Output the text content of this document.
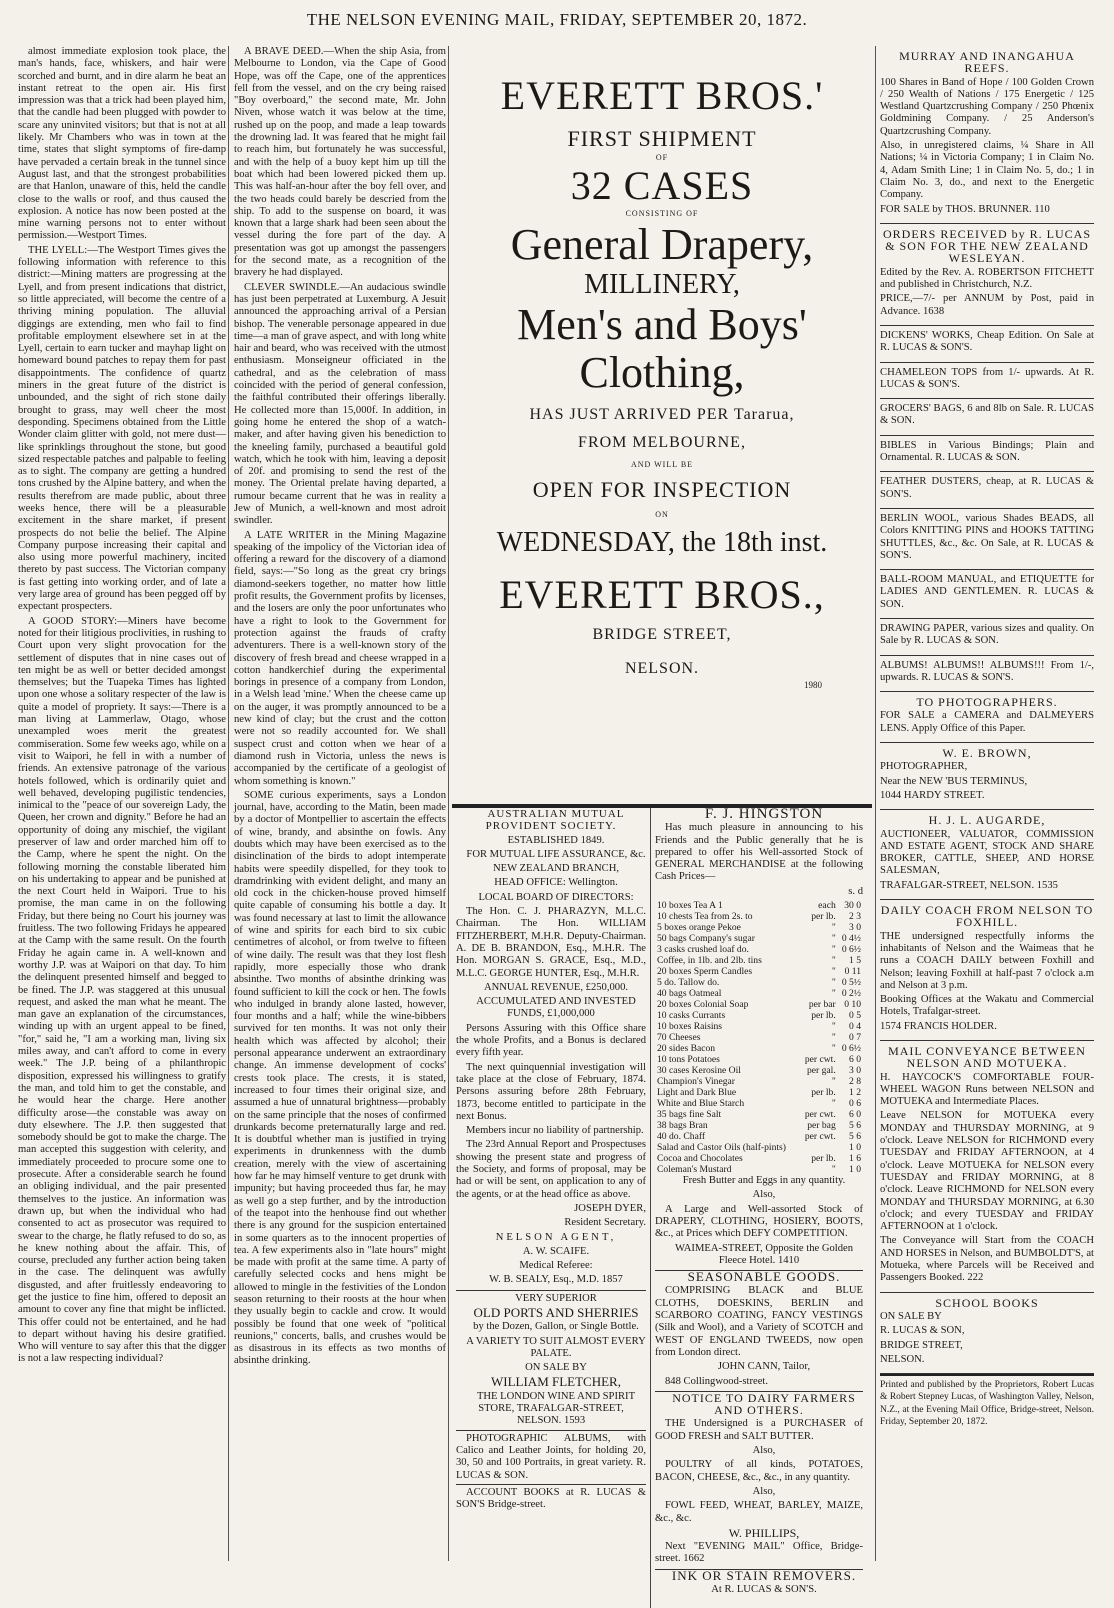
THE NELSON EVENING MAIL, FRIDAY, SEPTEMBER 20, 1872.

almost immediate explosion took place, the man's hands, face, whiskers, and hair were scorched and burnt, and in dire alarm he beat an instant retreat to the open air. His first impression was that a trick had been played him, that the candle had been plugged with powder to scare any uninvited visitors; but that is not at all likely. Mr Chambers who was in town at the time, states that slight symptoms of fire-damp have pervaded a certain break in the tunnel since August last, and that the strongest probabilities are that Hanlon, unaware of this, held the candle close to the walls or roof, and thus caused the explosion. A notice has now been posted at the mine warning persons not to enter without permission.—Westport Times.

THE LYELL:—The Westport Times gives the following information with reference to this district:—Mining matters are progressing at the Lyell, and from present indications that district, so little appreciated, will become the centre of a thriving mining population. The alluvial diggings are extending, men who fail to find profitable employment elsewhere set in at the Lyell, certain to earn tucker and mayhap light on homeward bound patches to repay them for past disappointments. The confidence of quartz miners in the great future of the district is unbounded, and the sight of rich stone daily brought to grass, may well cheer the most desponding. Specimens obtained from the Little Wonder claim glitter with gold, not mere dust—like sprinklings throughout the stone, but good sized respectable patches and palpable to feeling as to sight. The company are getting a hundred tons crushed by the Alpine battery, and when the results therefrom are made public, about three weeks hence, there will be a pleasurable excitement in the share market, if present prospects do not belie the belief. The Alpine Company purpose increasing their capital and also using more powerful machinery, incited thereto by past success. The Victorian company is fast getting into working order, and of late a very large area of ground has been pegged off by expectant prospecters.

A GOOD STORY:—Miners have become noted for their litigious proclivities, in rushing to Court upon very slight provocation for the settlement of disputes that in nine cases out of ten might be as well or better decided amongst themselves; but the Tuapeka Times has lighted upon one whose a solitary respecter of the law is quite a model of propriety. It says:—There is a man living at Lammerlaw, Otago, whose unexampled woes merit the greatest commiseration. Some few weeks ago, while on a visit to Waipori, he fell in with a number of friends. An extensive patronage of the various hotels followed, which is ordinarily quiet and well behaved, developing pugilistic tendencies, inimical to the "peace of our sovereign Lady, the Queen, her crown and dignity." Before he had an opportunity of doing any mischief, the vigilant preserver of law and order marched him off to the Camp, where he spent the night. On the following morning the constable liberated him on his undertaking to appear and be punished at the next Court held in Waipori. True to his promise, the man came in on the following Friday, but there being no Court his journey was fruitless. The two following Fridays he appeared at the Camp with the same result. On the fourth Friday he again came in. A well-known and worthy J.P. was at Waipori on that day. To him the delinquent presented himself and begged to be fined. The J.P. was staggered at this unusual request, and asked the man what he meant. The man gave an explanation of the circumstances, winding up with an urgent appeal to be fined, "for," said he, "I am a working man, living six miles away, and can't afford to come in every week." The J.P. being of a philanthropic disposition, expressed his willingness to gratify the man, and told him to get the constable, and he would hear the charge. Here another difficulty arose—the constable was away on duty elsewhere. The J.P. then suggested that somebody should be got to make the charge. The man accepted this suggestion with celerity, and immediately proceeded to procure some one to prosecute. After a considerable search he found an obliging individual, and the pair presented themselves to the justice. An information was drawn up, but when the individual who had consented to act as prosecutor was required to swear to the charge, he flatly refused to do so, as he knew nothing about the affair. This, of course, precluded any further action being taken in the case. The delinquent was awfully disgusted, and after fruitlessly endeavoring to get the justice to fine him, offered to deposit an amount to cover any fine that might be inflicted. This offer could not be entertained, and he had to depart without having his desire gratified. Who will venture to say after this that the digger is not a law respecting individual?

A BRAVE DEED.—When the ship Asia, from Melbourne to London, via the Cape of Good Hope, was off the Cape, one of the apprentices fell from the vessel, and on the cry being raised "Boy overboard," the second mate, Mr. John Niven, whose watch it was below at the time, rushed up on the poop, and made a leap towards the drowning lad. It was feared that he might fail to reach him, but fortunately he was successful, and with the help of a buoy kept him up till the boat which had been lowered picked them up. This was half-an-hour after the boy fell over, and the two heads could barely be descried from the ship. To add to the suspense on board, it was known that a large shark had been seen about the vessel during the fore part of the day. A presentation was got up amongst the passengers for the second mate, as a recognition of the bravery he had displayed.

CLEVER SWINDLE.—An audacious swindle has just been perpetrated at Luxemburg. A Jesuit announced the approaching arrival of a Persian bishop. The venerable personage appeared in due time—a man of grave aspect, and with long white hair and beard, who was received with the utmost enthusiasm. Monseigneur officiated in the cathedral, and as the celebration of mass coincided with the period of general confession, the faithful contributed their offerings liberally. He collected more than 15,000f. In addition, in going home he entered the shop of a watch-maker, and after having given his benediction to the kneeling family, purchased a beautiful gold watch, which he took with him, leaving a deposit of 20f. and promising to send the rest of the money. The Oriental prelate having departed, a rumour became current that he was in reality a Jew of Munich, a well-known and most adroit swindler.

A LATE WRITER in the Mining Magazine speaking of the impolicy of the Victorian idea of offering a reward for the discovery of a diamond field, says:—"So long as the great cry brings diamond-seekers together, no matter how little profit results, the Government profits by licenses, and the losers are only the poor unfortunates who have a right to look to the Government for protection against the frauds of crafty adventurers. There is a well-known story of the discovery of fresh bread and cheese wrapped in a cotton handkerchief during the experimental borings in presence of a company from London, in a Welsh lead 'mine.' When the cheese came up on the auger, it was promptly announced to be a new kind of clay; but the crust and the cotton were not so readily accounted for. We shall suspect crust and cotton when we hear of a diamond rush in Victoria, unless the news is accompanied by the certificate of a geologist of whom something is known."

SOME curious experiments, says a London journal, have, according to the Matin, been made by a doctor of Montpellier to ascertain the effects of wine, brandy, and absinthe on fowls. Any doubts which may have been exercised as to the disinclination of the birds to adopt intemperate habits were speedily dispelled, for they took to dramdrinking with evident delight, and many an old cock in the chicken-house proved himself quite capable of consuming his bottle a day. It was found necessary at last to limit the allowance of wine and spirits for each bird to six cubic centimetres of alcohol, or from twelve to fifteen of wine daily. The result was that they lost flesh rapidly, more especially those who drank absinthe. Two months of absinthe drinking was found sufficient to kill the cock or hen. The fowls who indulged in brandy alone lasted, however, four months and a half; while the wine-bibbers survived for ten months. It was not only their health which was affected by alcohol; their personal appearance underwent an extraordinary change. An immense development of cocks' crests took place. The crests, it is stated, increased to four times their original size, and assumed a hue of unnatural brightness—probably on the same principle that the noses of confirmed drunkards become preternaturally large and red. It is doubtful whether man is justified in trying experiments in drunkenness with the dumb creation, merely with the view of ascertaining how far he may himself venture to get drunk with impunity; but having proceeded thus far, he may as well go a step further, and by the introduction of the teapot into the henhouse find out whether there is any ground for the suspicion entertained in some quarters as to the innocent properties of tea. A few experiments also in "late hours" might be made with profit at the same time. A party of carefully selected cocks and hens might be allowed to mingle in the festivities of the London season returning to their roosts at the hour when they usually begin to cackle and crow. It would possibly be found that one week of "political reunions," concerts, balls, and crushes would be as disastrous in its effects as two months of absinthe drinking.

EVERETT BROS.'
FIRST SHIPMENT
OF
32 CASES
CONSISTING OF
General Drapery,
MILLINERY,
Men's and Boys'
Clothing,
HAS JUST ARRIVED PER Tararua,
FROM MELBOURNE,
AND WILL BE
OPEN FOR INSPECTION
ON
WEDNESDAY, the 18th inst.
EVERETT BROS.,
BRIDGE STREET,
NELSON.
1980

AUSTRALIAN MUTUAL PROVIDENT SOCIETY.

ESTABLISHED 1849.

FOR MUTUAL LIFE ASSURANCE, &c.

NEW ZEALAND BRANCH,

HEAD OFFICE: Wellington.

LOCAL BOARD OF DIRECTORS:

The Hon. C. J. PHARAZYN, M.L.C. Chairman. The Hon. WILLIAM FITZHERBERT, M.H.R. Deputy-Chairman. A. DE B. BRANDON, Esq., M.H.R. The Hon. MORGAN S. GRACE, Esq., M.D., M.L.C. GEORGE HUNTER, Esq., M.H.R.

ANNUAL REVENUE, £250,000.

ACCUMULATED AND INVESTED FUNDS, £1,000,000

Persons Assuring with this Office share the whole Profits, and a Bonus is declared every fifth year.

The next quinquennial investigation will take place at the close of February, 1874. Persons assuring before 28th February, 1873, become entitled to participate in the next Bonus.

Members incur no liability of partnership.

The 23rd Annual Report and Prospectuses showing the present state and progress of the Society, and forms of proposal, may be had or will be sent, on application to any of the agents, or at the head office as above.

JOSEPH DYER,

Resident Secretary.

NELSON AGENT,

A. W. SCAIFE.

Medical Referee:

W. B. SEALY, Esq., M.D. 1857

VERY SUPERIOR

OLD PORTS AND SHERRIES

by the Dozen, Gallon, or Single Bottle.

A VARIETY TO SUIT ALMOST EVERY PALATE.

ON SALE BY

WILLIAM FLETCHER,

THE LONDON WINE AND SPIRIT STORE, TRAFALGAR-STREET, NELSON. 1593

PHOTOGRAPHIC ALBUMS, with Calico and Leather Joints, for holding 20, 30, 50 and 100 Portraits, in great variety. R. LUCAS & SON.

ACCOUNT BOOKS at R. LUCAS & SON'S Bridge-street.

F. J. HINGSTON

Has much pleasure in announcing to his Friends and the Public generally that he is prepared to offer his Well-assorted Stock of GENERAL MERCHANDISE at the following Cash Prices—

s. d

10 boxes Tea A 1	each	30 0
10 chests Tea from 2s. to	per lb.	2 3
5 boxes orange Pekoe	"	3 0
50 bags Company's sugar	"	0 4½
3 casks crushed loaf do.	"	0 6½
Coffee, in 1lb. and 2lb. tins	"	1 5
20 boxes Sperm Candles	"	0 11
5 do. Tallow do.	"	0 5½
40 bags Oatmeal	"	0 2½
20 boxes Colonial Soap	per bar	0 10
10 casks Currants	per lb.	0 5
10 boxes Raisins	"	0 4
70 Cheeses	"	0 7
20 sides Bacon	"	0 6½
10 tons Potatoes	per cwt.	6 0
30 cases Kerosine Oil	per gal.	3 0
Champion's Vinegar	"	2 8
Light and Dark Blue	per lb.	1 2
White and Blue Starch	"	0 6
35 bags fine Salt	per cwt.	6 0
38 bags Bran	per bag	5 6
40 do. Chaff	per cwt.	5 6
Salad and Castor Oils (half-pints)		1 0
Cocoa and Chocolates	per lb.	1 6
Coleman's Mustard	"	1 0

Fresh Butter and Eggs in any quantity.

Also,

A Large and Well-assorted Stock of DRAPERY, CLOTHING, HOSIERY, BOOTS, &c., at Prices which DEFY COMPETITION.

WAIMEA-STREET, Opposite the Golden Fleece Hotel. 1410

SEASONABLE GOODS.

COMPRISING BLACK and BLUE CLOTHS, DOESKINS, BERLIN and SCARBORO COATING, FANCY VESTINGS (Silk and Wool), and a Variety of SCOTCH and WEST OF ENGLAND TWEEDS, now open from London direct.

JOHN CANN, Tailor,

848 Collingwood-street.

NOTICE TO DAIRY FARMERS AND OTHERS.

THE Undersigned is a PURCHASER of GOOD FRESH and SALT BUTTER.

Also,

POULTRY of all kinds, POTATOES, BACON, CHEESE, &c., &c., in any quantity.

Also,

FOWL FEED, WHEAT, BARLEY, MAIZE, &c., &c.

W. PHILLIPS,

Next "EVENING MAIL" Office, Bridge-street. 1662

INK OR STAIN REMOVERS.

At R. LUCAS & SON'S.

MURRAY AND INANGAHUA REEFS.

100 Shares in Band of Hope / 100 Golden Crown / 250 Wealth of Nations / 175 Energetic / 125 Westland Quartzcrushing Company / 250 Phœnix Goldmining Company. / 25 Anderson's Quartzcrushing Company.

Also, in unregistered claims, ¼ Share in All Nations; ¼ in Victoria Company; 1 in Claim No. 4, Adam Smith Line; 1 in Claim No. 5, do.; 1 in Claim No. 3, do., and next to the Energetic Company.

FOR SALE by THOS. BRUNNER. 110

ORDERS RECEIVED by R. LUCAS & SON FOR THE NEW ZEALAND WESLEYAN.

Edited by the Rev. A. ROBERTSON FITCHETT and published in Christchurch, N.Z.

PRICE,—7/- per ANNUM by Post, paid in Advance. 1638

DICKENS' WORKS, Cheap Edition. On Sale at R. LUCAS & SON'S.

CHAMELEON TOPS from 1/- upwards. At R. LUCAS & SON'S.

GROCERS' BAGS, 6 and 8lb on Sale. R. LUCAS & SON.

BIBLES in Various Bindings; Plain and Ornamental. R. LUCAS & SON.

FEATHER DUSTERS, cheap, at R. LUCAS & SON'S.

BERLIN WOOL, various Shades BEADS, all Colors KNITTING PINS and HOOKS TATTING SHUTTLES, &c., &c. On Sale, at R. LUCAS & SON'S.

BALL-ROOM MANUAL, and ETIQUETTE for LADIES AND GENTLEMEN. R. LUCAS & SON.

DRAWING PAPER, various sizes and quality. On Sale by R. LUCAS & SON.

ALBUMS! ALBUMS!! ALBUMS!!! From 1/-, upwards. R. LUCAS & SON'S.

TO PHOTOGRAPHERS.

FOR SALE a CAMERA and DALMEYERS LENS. Apply Office of this Paper.

W. E. BROWN,

PHOTOGRAPHER,

Near the NEW 'BUS TERMINUS,

1044 HARDY STREET.

H. J. L. AUGARDE,

AUCTIONEER, VALUATOR, COMMISSION AND ESTATE AGENT, STOCK AND SHARE BROKER, CATTLE, SHEEP, AND HORSE SALESMAN,

TRAFALGAR-STREET, NELSON. 1535

DAILY COACH FROM NELSON TO FOXHILL.

THE undersigned respectfully informs the inhabitants of Nelson and the Waimeas that he runs a COACH DAILY between Foxhill and Nelson; leaving Foxhill at half-past 7 o'clock a.m and Nelson at 3 p.m.

Booking Offices at the Wakatu and Commercial Hotels, Trafalgar-street.

1574 FRANCIS HOLDER.

MAIL CONVEYANCE BETWEEN NELSON AND MOTUEKA.

H. HAYCOCK'S COMFORTABLE FOUR-WHEEL WAGON Runs between NELSON and MOTUEKA and Intermediate Places.

Leave NELSON for MOTUEKA every MONDAY and THURSDAY MORNING, at 9 o'clock. Leave NELSON for RICHMOND every TUESDAY and FRIDAY AFTERNOON, at 4 o'clock. Leave MOTUEKA for NELSON every TUESDAY and FRIDAY MORNING, at 8 o'clock. Leave RICHMOND for NELSON every MONDAY and THURSDAY MORNING, at 6.30 o'clock; and every TUESDAY and FRIDAY AFTERNOON at 1 o'clock.

The Conveyance will Start from the COACH AND HORSES in Nelson, and BUMBOLDT'S, at Motueka, where Parcels will be Received and Passengers Booked. 222

SCHOOL BOOKS

ON SALE BY

R. LUCAS & SON,

BRIDGE STREET,

NELSON.

Printed and published by the Proprietors, Robert Lucas & Robert Stepney Lucas, of Washington Valley, Nelson, N.Z., at the Evening Mail Office, Bridge-street, Nelson. Friday, September 20, 1872.
